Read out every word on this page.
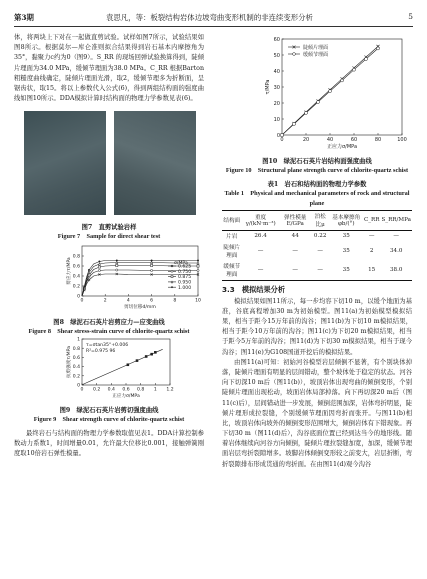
第3期	袁思凡，等：板裂结构岩体边坡弯曲变形机制的非连续变形分析	5

体，将两块上下对在一起做直剪试验。试样如图7所示，试验结果如图8所示。根据莫尔—库仑准则拟合结果得到岩石基本内摩擦角为35°，黏聚力c约为0（图9）。S_RR 的现场回弹试验换算得到，陡倾片理面为34.0 MPa，缓倾节理面为38.0 MPa。C_RR 根据Barton粗糙度曲线确定，陡倾片理面光滑，取2，缓倾节理多为折断面，呈锯齿状，取15。将以上参数代入公式(6)，得到两组结构面的强度曲线如图10所示。DDA模拟计算时结构面的物理力学参数见表(6)。

图7　直剪试验岩样

Figure 7　Sample for direct shear test

0	2	4	6	8	10
0
0.2
0.4
0.6
0.8
剪切位移d/mm
剪应力τ/MPa	σ/MPa
0.625
0.750
0.875
0.950
1.000

图8　绿泥石石英片岩剪应力—应变曲线

Figure 8　Shear stress-strain curve of chlorite-quartz schist

0 0.2 0.4 0.6 0.8 1 1.2
0
0.2
0.4
0.6
0.8
1
正应力σ/MPa
抗剪强度τ/MPa
τ=σtan35°+0.006
R²=0.975 96

图9　绿泥石石英片岩剪切强度曲线

Figure 9　Shear strength curve of chlorite-quartz schist

最终岩石与结构面的物理力学参数取值见表1。DDA计算控制参数动力系数1，时间增量0.01，允许最大位移比0.001，接触弹簧刚度取10倍岩石弹性模量。

0	20	40	60	80	100
0
10
20
30
40
50
60
正应力σ/MPa
τ/MPa
陡倾片理面
缓倾节理面

图10　绿泥石石英片岩结构面强度曲线

Figure 10　Structural plane strength curve of chlorite-quartz schist

表1　岩石和结构面的物理力学参数

Table 1　Physical and mechanical parameters of rock and structural plane

结构面	重度γ/(kN·m⁻³)	弹性模量E/GPa	泊松比μ	基本摩擦角φb/(°)	C_RR	S_RR/MPa

片岩	26.4	44	0.22	35	—	—
陡倾片理面	—	—	—	35	2	34.0
缓倾节理面	—	—	—	35	15	38.0
3.3　模拟结果分析

模拟结果如图11所示，每一步均容下切10 m，以缓个地面为基准，谷底高程增加30 m为初始模型。图11(a)为初始模型模拟结果，相当于距今15万年前的沟谷；图11(b)为下切10 m模拟结果，相当于距今10万年前的沟谷；图11(c)为下切20 m模拟结果，相当于距今5万年前的沟谷；图11(d)为下切30 m模拟结果，相当于现今沟谷；图11(e)为G108国道开挖后的模拟结果。

由图11(a)可知：初始河谷模型岩层倾倒不显著，有个别块体掉落，陡倾片理面有明显的层间错动，整个坡体处于稳定的状态。河谷向下切深10 m后（图11(b)），坡顶岩体出现弯曲的倾倒变形，个别陡倾片理面出现松动，坡面岩体局部掉落。向下再切深20 m后（图11(c)后），层间错动进一步发展，倾倒范围加深，岩体弯折明显，陡倾片理形成拉裂缝，个别缓倾节理面因弯折而张开。与图11(b)相比，坡顶岩体向坡外的倾倒变形范围增大，倾倒岩体有下错现象。再下切30 m（图11(d)后），沟谷底面位置已经到达当今的地形线。随着岩体继续向河谷方向倾倒，陡倾片理拉裂缝加宽，加深，缓倾节理面岩层弯折裂隙增多。坡脚岩体倾倒变形较之前变大，岩层折断，弯折裂隙排布形成贯通的弯折面。在由图11(d)观今沟谷
